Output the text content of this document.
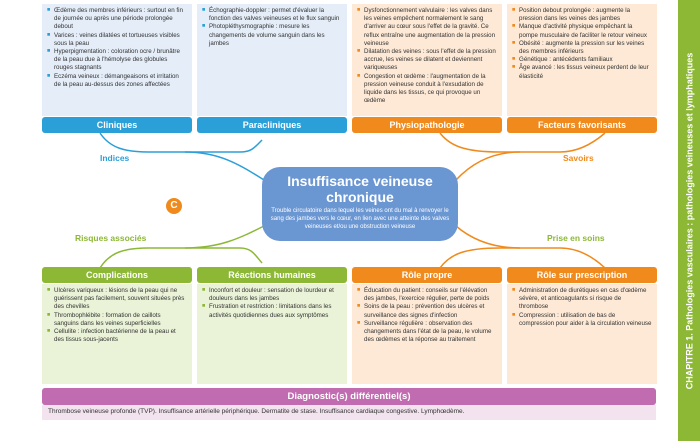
■ Œdème des membres inférieurs : surtout en fin de journée ou après une période prolongée debout
■ Varices : veines dilatées et tortueuses visibles sous la peau
■ Hyperpigmentation : coloration ocre / brunâtre de la peau due à l'hémolyse des globules rouges stagnants
■ Eczéma veineux : démangeaisons et irritation de la peau au-dessus des zones affectées
Cliniques
■ Échographie-doppler : permet d'évaluer la fonction des valves veineuses et le flux sanguin
■ Photopléthysmographie : mesure les changements de volume sanguin dans les jambes
Paracliniques
■ Dysfonctionnement valvulaire : les valves dans les veines empêchent normalement le sang d'arriver au cœur sous l'effet de la gravité. Ce reflux entraîne une augmentation de la pression veineuse
■ Dilatation des veines : sous l'effet de la pression accrue, les veines se dilatent et deviennent variqueuses
■ Congestion et œdème : l'augmentation de la pression veineuse conduit à l'exsudation de liquide dans les tissus, ce qui provoque un œdème
Physiopathologie
■ Position debout prolongée : augmente la pression dans les veines des jambes
■ Manque d'activité physique empêchant la pompe musculaire de faciliter le retour veineux
■ Obésité : augmente la pression sur les veines des membres inférieurs
■ Génétique : antécédents familiaux
■ Âge avancé : les tissus veineux perdent de leur élasticité
Facteurs favorisants
Indices	Savoirs
Risques associés	Prise en soins
C
Insuffisance veineuse chronique
Trouble circulatoire dans lequel les veines ont du mal à renvoyer le sang des jambes vers le cœur, en lien avec une atteinte des valves veineuses et/ou une obstruction veineuse
Complications
■ Ulcères variqueux : lésions de la peau qui ne guérissent pas facilement, souvent situées près des chevilles
■ Thrombophlébite : formation de caillots sanguins dans les veines superficielles
■ Cellulite : infection bactérienne de la peau et des tissus sous-jacents
Réactions humaines
■ Inconfort et douleur : sensation de lourdeur et douleurs dans les jambes
■ Frustration et restriction : limitations dans les activités quotidiennes dues aux symptômes
Rôle propre
■ Éducation du patient : conseils sur l'élévation des jambes, l'exercice régulier, perte de poids
■ Soins de la peau : prévention des ulcères et surveillance des signes d'infection
■ Surveillance régulière : observation des changements dans l'état de la peau, le volume des œdèmes et la réponse au traitement
Rôle sur prescription
■ Administration de diurétiques en cas d'œdème sévère, et anticoagulants si risque de thrombose
■ Compression : utilisation de bas de compression pour aider à la circulation veineuse
Diagnostic(s) différentiel(s)
Thrombose veineuse profonde (TVP). Insuffisance artérielle périphérique. Dermatite de stase. Insuffisance cardiaque congestive. Lymphœdème.
CHAPITRE 1. Pathologies vasculaires : pathologies veineuses et lymphatiques
